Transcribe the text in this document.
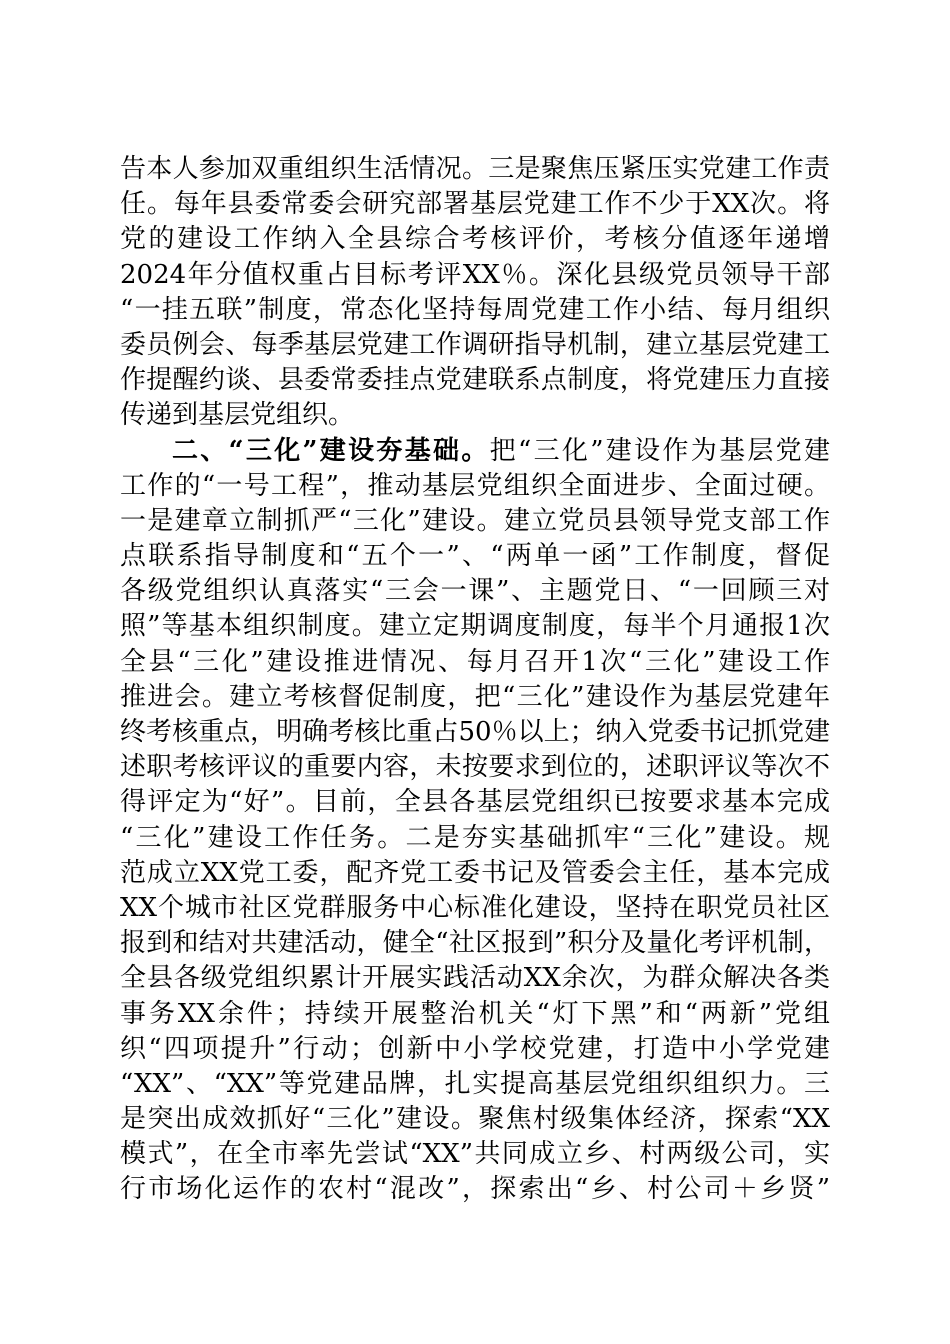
告本人参加双重组织生活情况。三是聚焦压紧压实党建工作责
任。每年县委常委会研究部署基层党建工作不少于XX次。将
党的建设工作纳入全县综合考核评价，考核分值逐年递增
2024年分值权重占目标考评XX％。深化县级党员领导干部
“一挂五联”制度，常态化坚持每周党建工作小结、每月组织
委员例会、每季基层党建工作调研指导机制，建立基层党建工
作提醒约谈、县委常委挂点党建联系点制度，将党建压力直接
传递到基层党组织。
二、“三化”建设夯基础。把“三化”建设作为基层党建
工作的“一号工程”，推动基层党组织全面进步、全面过硬。
一是建章立制抓严“三化”建设。建立党员县领导党支部工作
点联系指导制度和“五个一”、“两单一函”工作制度，督促
各级党组织认真落实“三会一课”、主题党日、“一回顾三对
照”等基本组织制度。建立定期调度制度，每半个月通报1次
全县“三化”建设推进情况、每月召开1次“三化”建设工作
推进会。建立考核督促制度，把“三化”建设作为基层党建年
终考核重点，明确考核比重占50％以上；纳入党委书记抓党建
述职考核评议的重要内容，未按要求到位的，述职评议等次不
得评定为“好”。目前，全县各基层党组织已按要求基本完成
“三化”建设工作任务。二是夯实基础抓牢“三化”建设。规
范成立XX党工委，配齐党工委书记及管委会主任，基本完成
XX个城市社区党群服务中心标准化建设，坚持在职党员社区
报到和结对共建活动，健全“社区报到”积分及量化考评机制，
全县各级党组织累计开展实践活动XX余次，为群众解决各类
事务XX余件；持续开展整治机关“灯下黑”和“两新”党组
织“四项提升”行动；创新中小学校党建，打造中小学党建
“XX”、“XX”等党建品牌，扎实提高基层党组织组织力。三
是突出成效抓好“三化”建设。聚焦村级集体经济，探索“XX
模式”，在全市率先尝试“XX”共同成立乡、村两级公司，实
行市场化运作的农村“混改”，探索出“乡、村公司＋乡贤”
